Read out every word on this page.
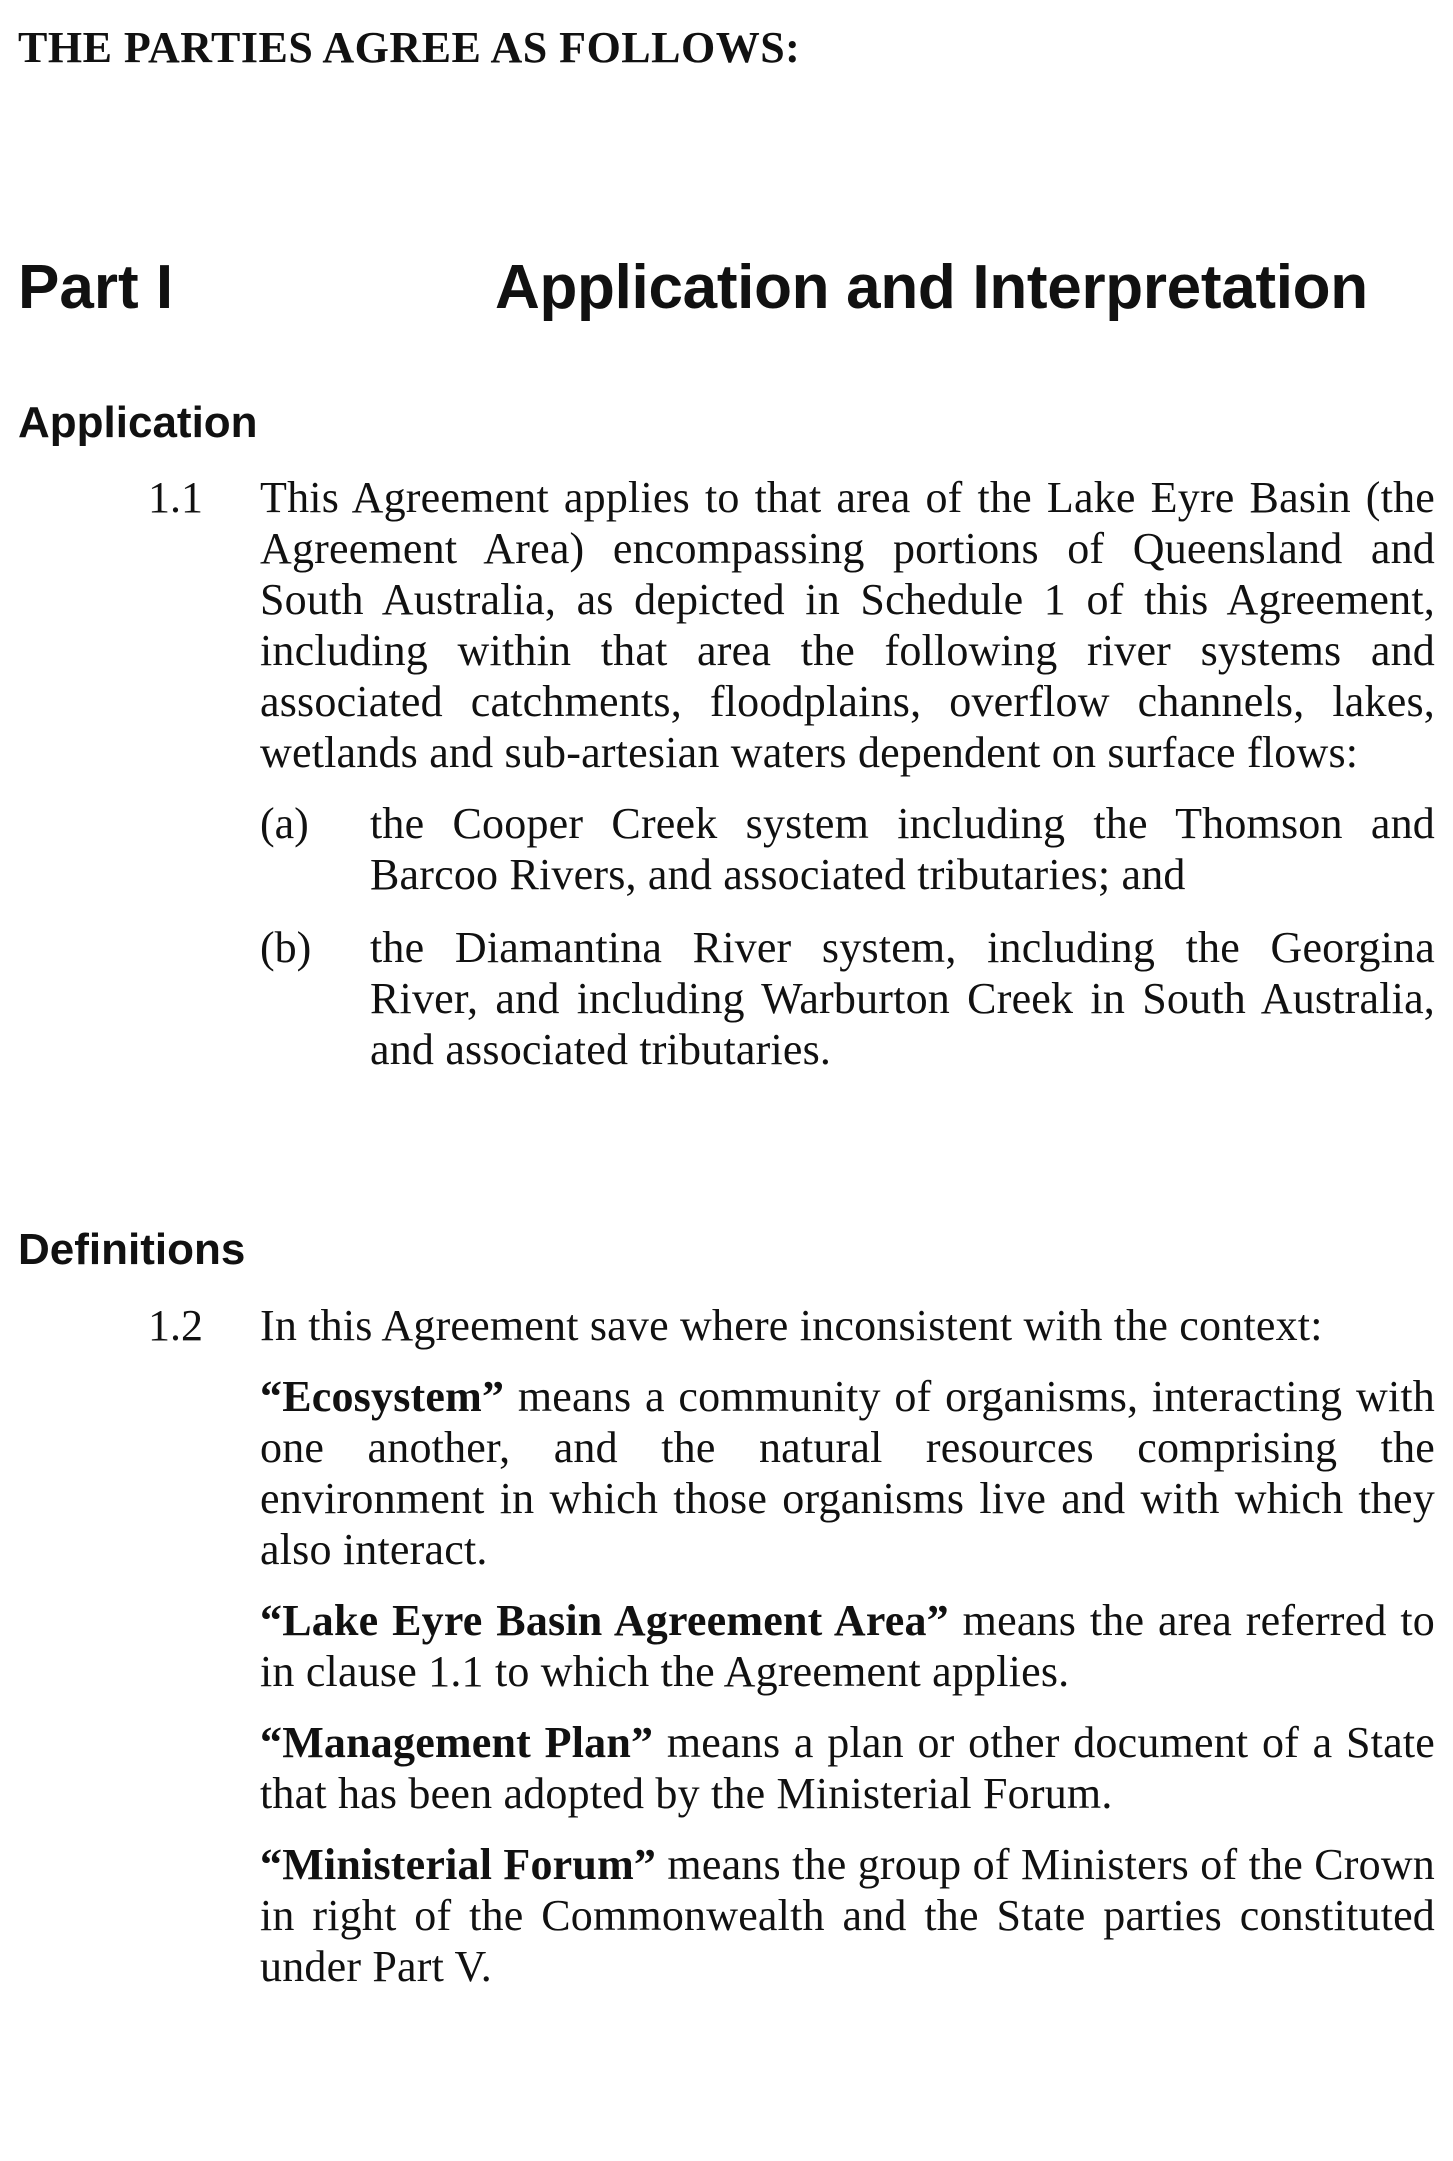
THE PARTIES AGREE AS FOLLOWS:
Part I	Application and Interpretation
Application
1.1	This Agreement applies to that area of the Lake Eyre Basin (the Agreement Area) encompassing portions of Queensland and South Australia, as depicted in Schedule 1 of this Agreement, including within that area the following river systems and associated catchments, floodplains, overflow channels, lakes, wetlands and sub-artesian waters dependent on surface flows:

(a) the Cooper Creek system including the Thomson and Barcoo Rivers, and associated tributaries; and
(b) the Diamantina River system, including the Georgina River, and including Warburton Creek in South Australia, and associated tributaries.
Definitions
1.2	In this Agreement save where inconsistent with the context:

“Ecosystem” means a community of organisms, interacting with one another, and the natural resources comprising the environment in which those organisms live and with which they also interact.

“Lake Eyre Basin Agreement Area” means the area referred to in clause 1.1 to which the Agreement applies.

“Management Plan” means a plan or other document of a State that has been adopted by the Ministerial Forum.

“Ministerial Forum” means the group of Ministers of the Crown in right of the Commonwealth and the State parties constituted under Part V.
